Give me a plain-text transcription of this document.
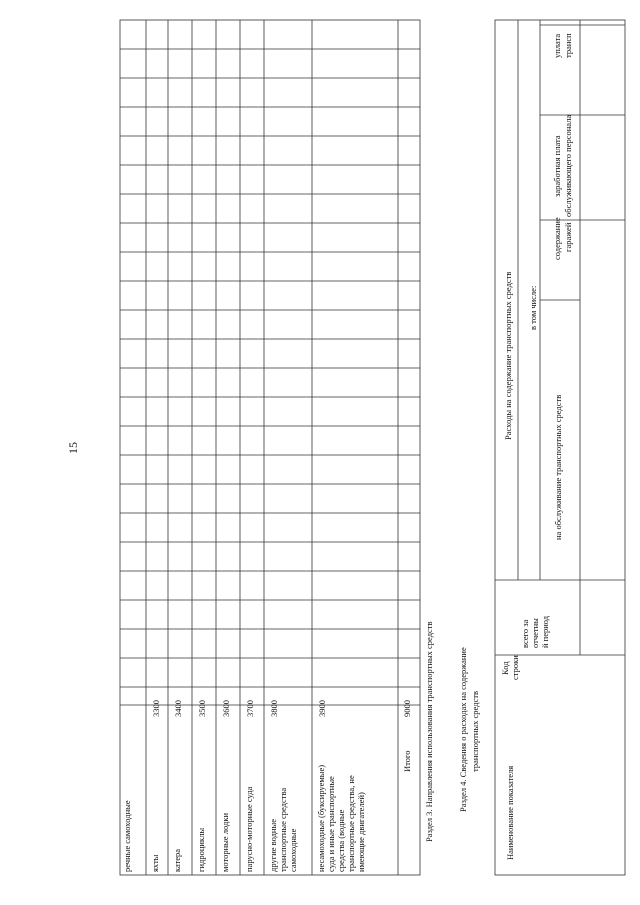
15
речные самоходные яхты
3300
катера
3400
гидроциклы
3500
моторные лодки
3600
парусно-моторные суда
3700
другие водные транспортные средства самоходные
3800
несамоходные (буксируемые) суда и иные транспортные средства (водные транспортные средства, не имеющие двигателей)
3900
Итого
9000 Раздел 3. Направления использования транспортных средств	Раздел 4. Сведения о расходах на содержание транспортных средств
Наименование показателя
Код строки
Расходы на содержание транспортных средств
всего за отчетны й период
в том числе:
на обслуживание транспортных средств
содержание гаражей
заработная плата обслуживающего персонала
уплата трансп
